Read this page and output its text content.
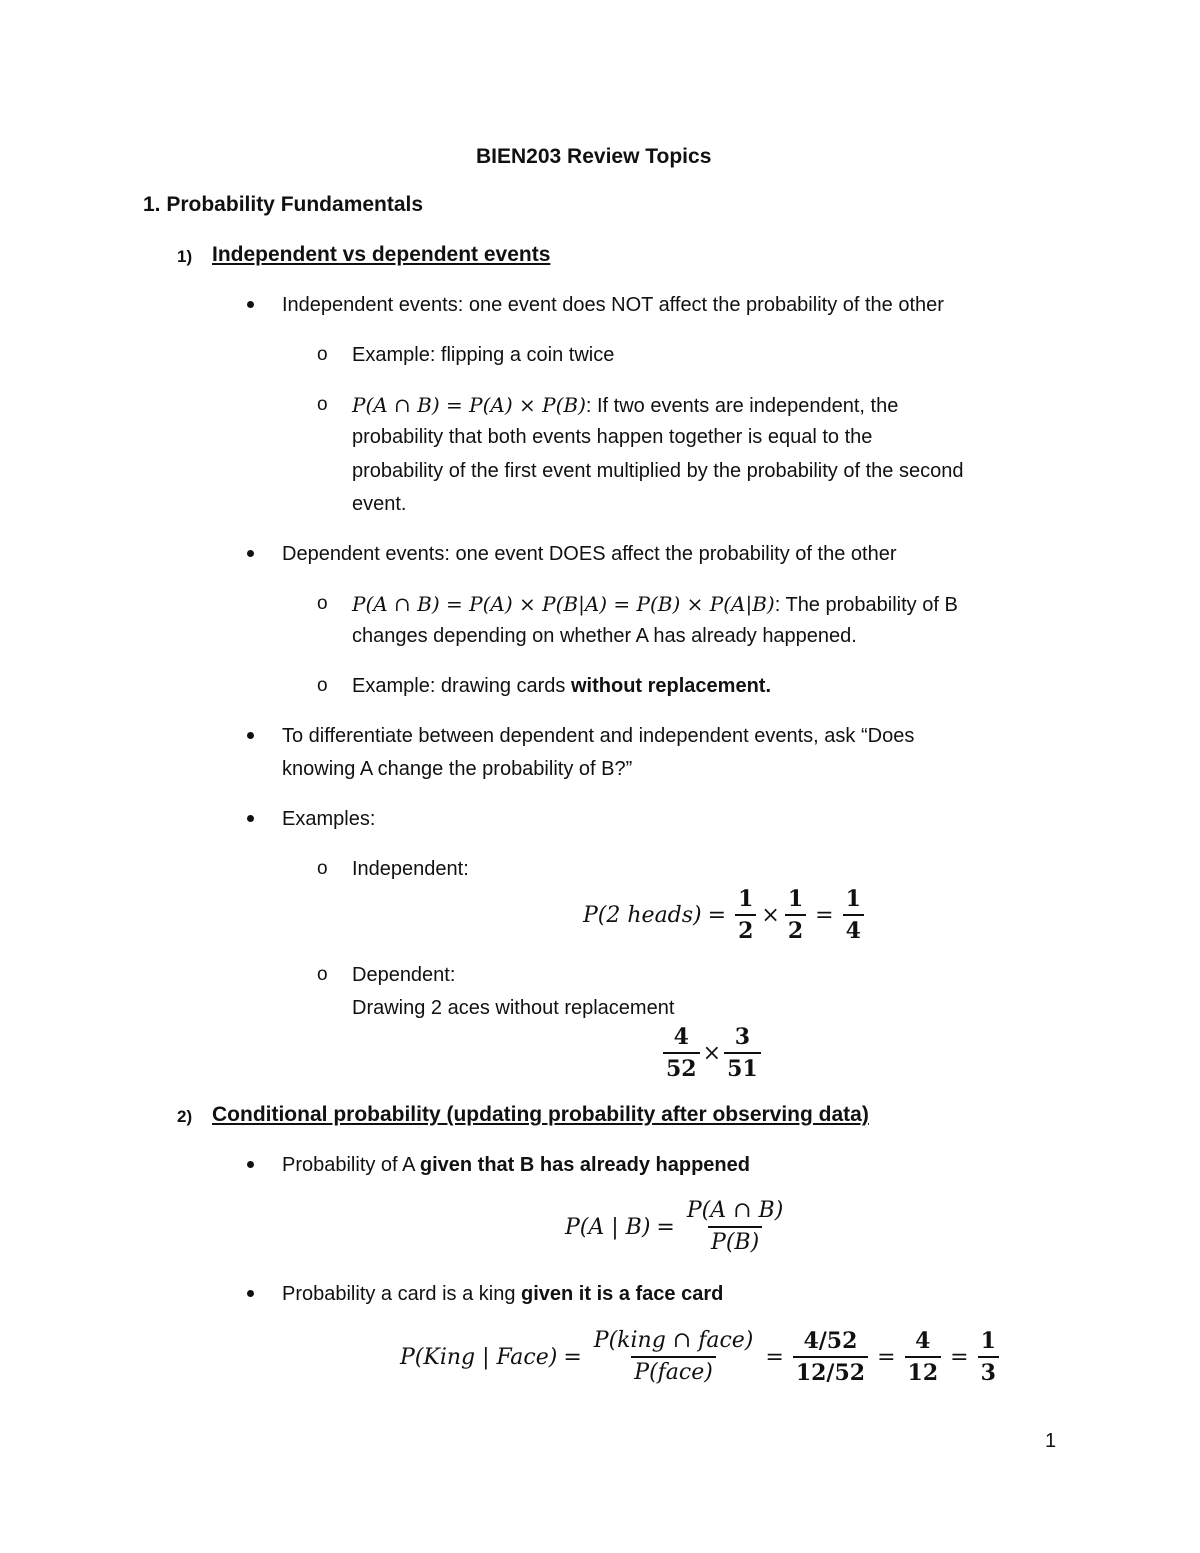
BIEN203 Review Topics
1. Probability Fundamentals
1) Independent vs dependent events
Independent events: one event does NOT affect the probability of the other
o Example: flipping a coin twice
o P(A ∩ B) = P(A) × P(B): If two events are independent, the
probability that both events happen together is equal to the
probability of the first event multiplied by the probability of the second
event.
Dependent events: one event DOES affect the probability of the other
o P(A ∩ B) = P(A) × P(B|A) = P(B) × P(A|B): The probability of B
changes depending on whether A has already happened.
o Example: drawing cards without replacement.
To differentiate between dependent and independent events, ask “Does
knowing A change the probability of B?”
Examples:
o Independent:
P(2 heads) = $\frac{1}{2} \times \frac{1}{2} = \frac{1}{4}$
o Dependent:
Drawing 2 aces without replacement
$\frac{4}{52} \times \frac{3}{51}$
2) Conditional probability (updating probability after observing data)
Probability of A given that B has already happened
P(A | $B) = \frac{P(A \cap B)}{P(B)}$
Probability a card is a king given it is a face card
P(King | Face) = $\frac{\text{P(king ∩ face)}}{\text{P(face)}} = \frac{4/52}{12/52} = \frac{4}{12} = \frac{1}{3}$
1
